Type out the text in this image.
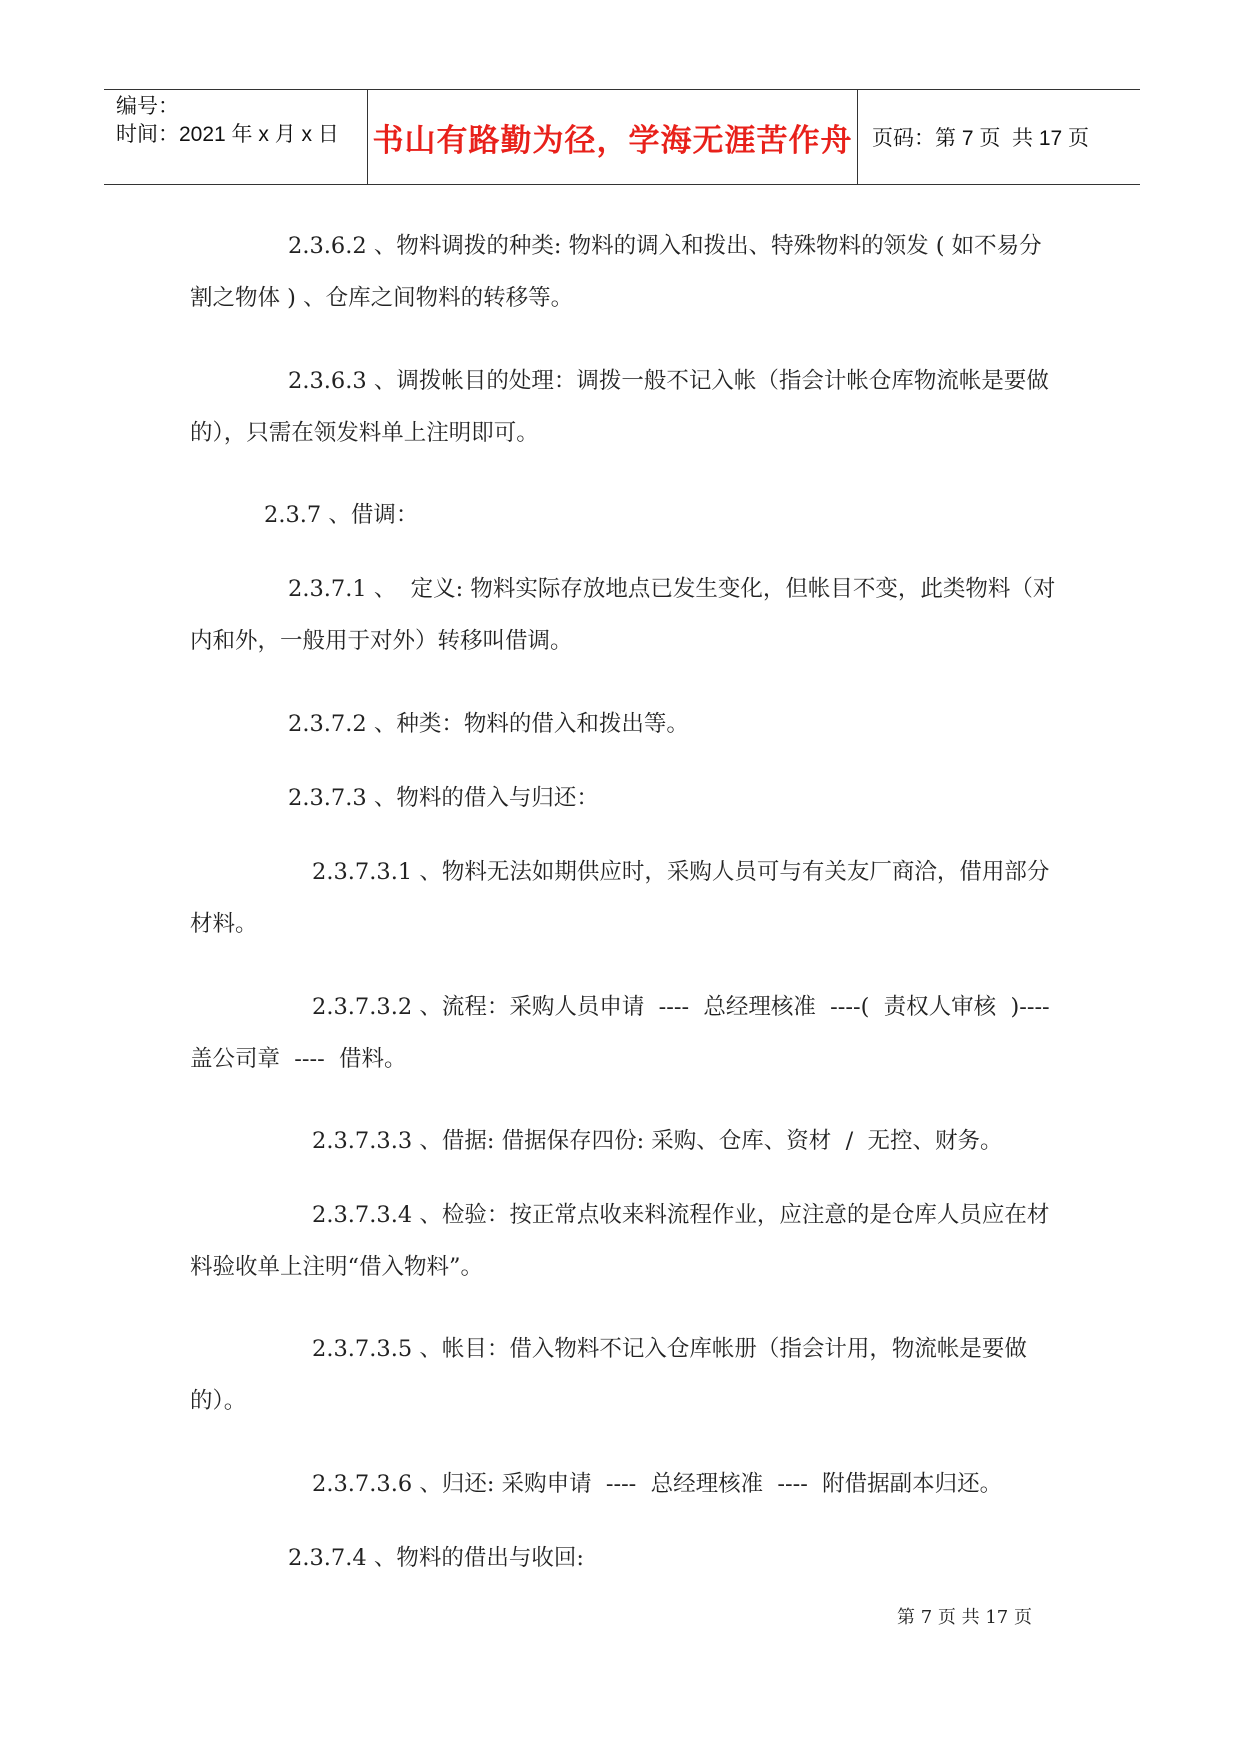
编号：
时间：2021 年 x 月 x 日	书山有路勤为径，学海无涯苦作舟 页码：第 7 页  共 17 页

2.3.6.2 、物料调拨的种类: 物料的调入和拨出、特殊物料的领发 ( 如不易分割之物体 ) 、仓库之间物料的转移等。

2.3.6.3 、调拨帐目的处理：调拨一般不记入帐（指会计帐仓库物流帐是要做的），只需在领发料单上注明即可。

2.3.7 、借调：

2.3.7.1 、  定义: 物料实际存放地点已发生变化，但帐目不变，此类物料（对内和外，一般用于对外）转移叫借调。

2.3.7.2 、种类：物料的借入和拨出等。

2.3.7.3 、物料的借入与归还：

2.3.7.3.1 、物料无法如期供应时，采购人员可与有关友厂商洽，借用部分材料。

2.3.7.3.2 、流程：采购人员申请  ----  总经理核准  ----(  责权人审核  )----  盖公司章  ----  借料。

2.3.7.3.3 、借据: 借据保存四份: 采购、仓库、资材  /  无控、财务。

2.3.7.3.4 、检验：按正常点收来料流程作业，应注意的是仓库人员应在材料验收单上注明“借入物料”。

2.3.7.3.5 、帐目：借入物料不记入仓库帐册（指会计用，物流帐是要做的）。

2.3.7.3.6 、归还: 采购申请  ----  总经理核准  ----  附借据副本归还。

2.3.7.4 、物料的借出与收回:

第 7 页 共 17 页
